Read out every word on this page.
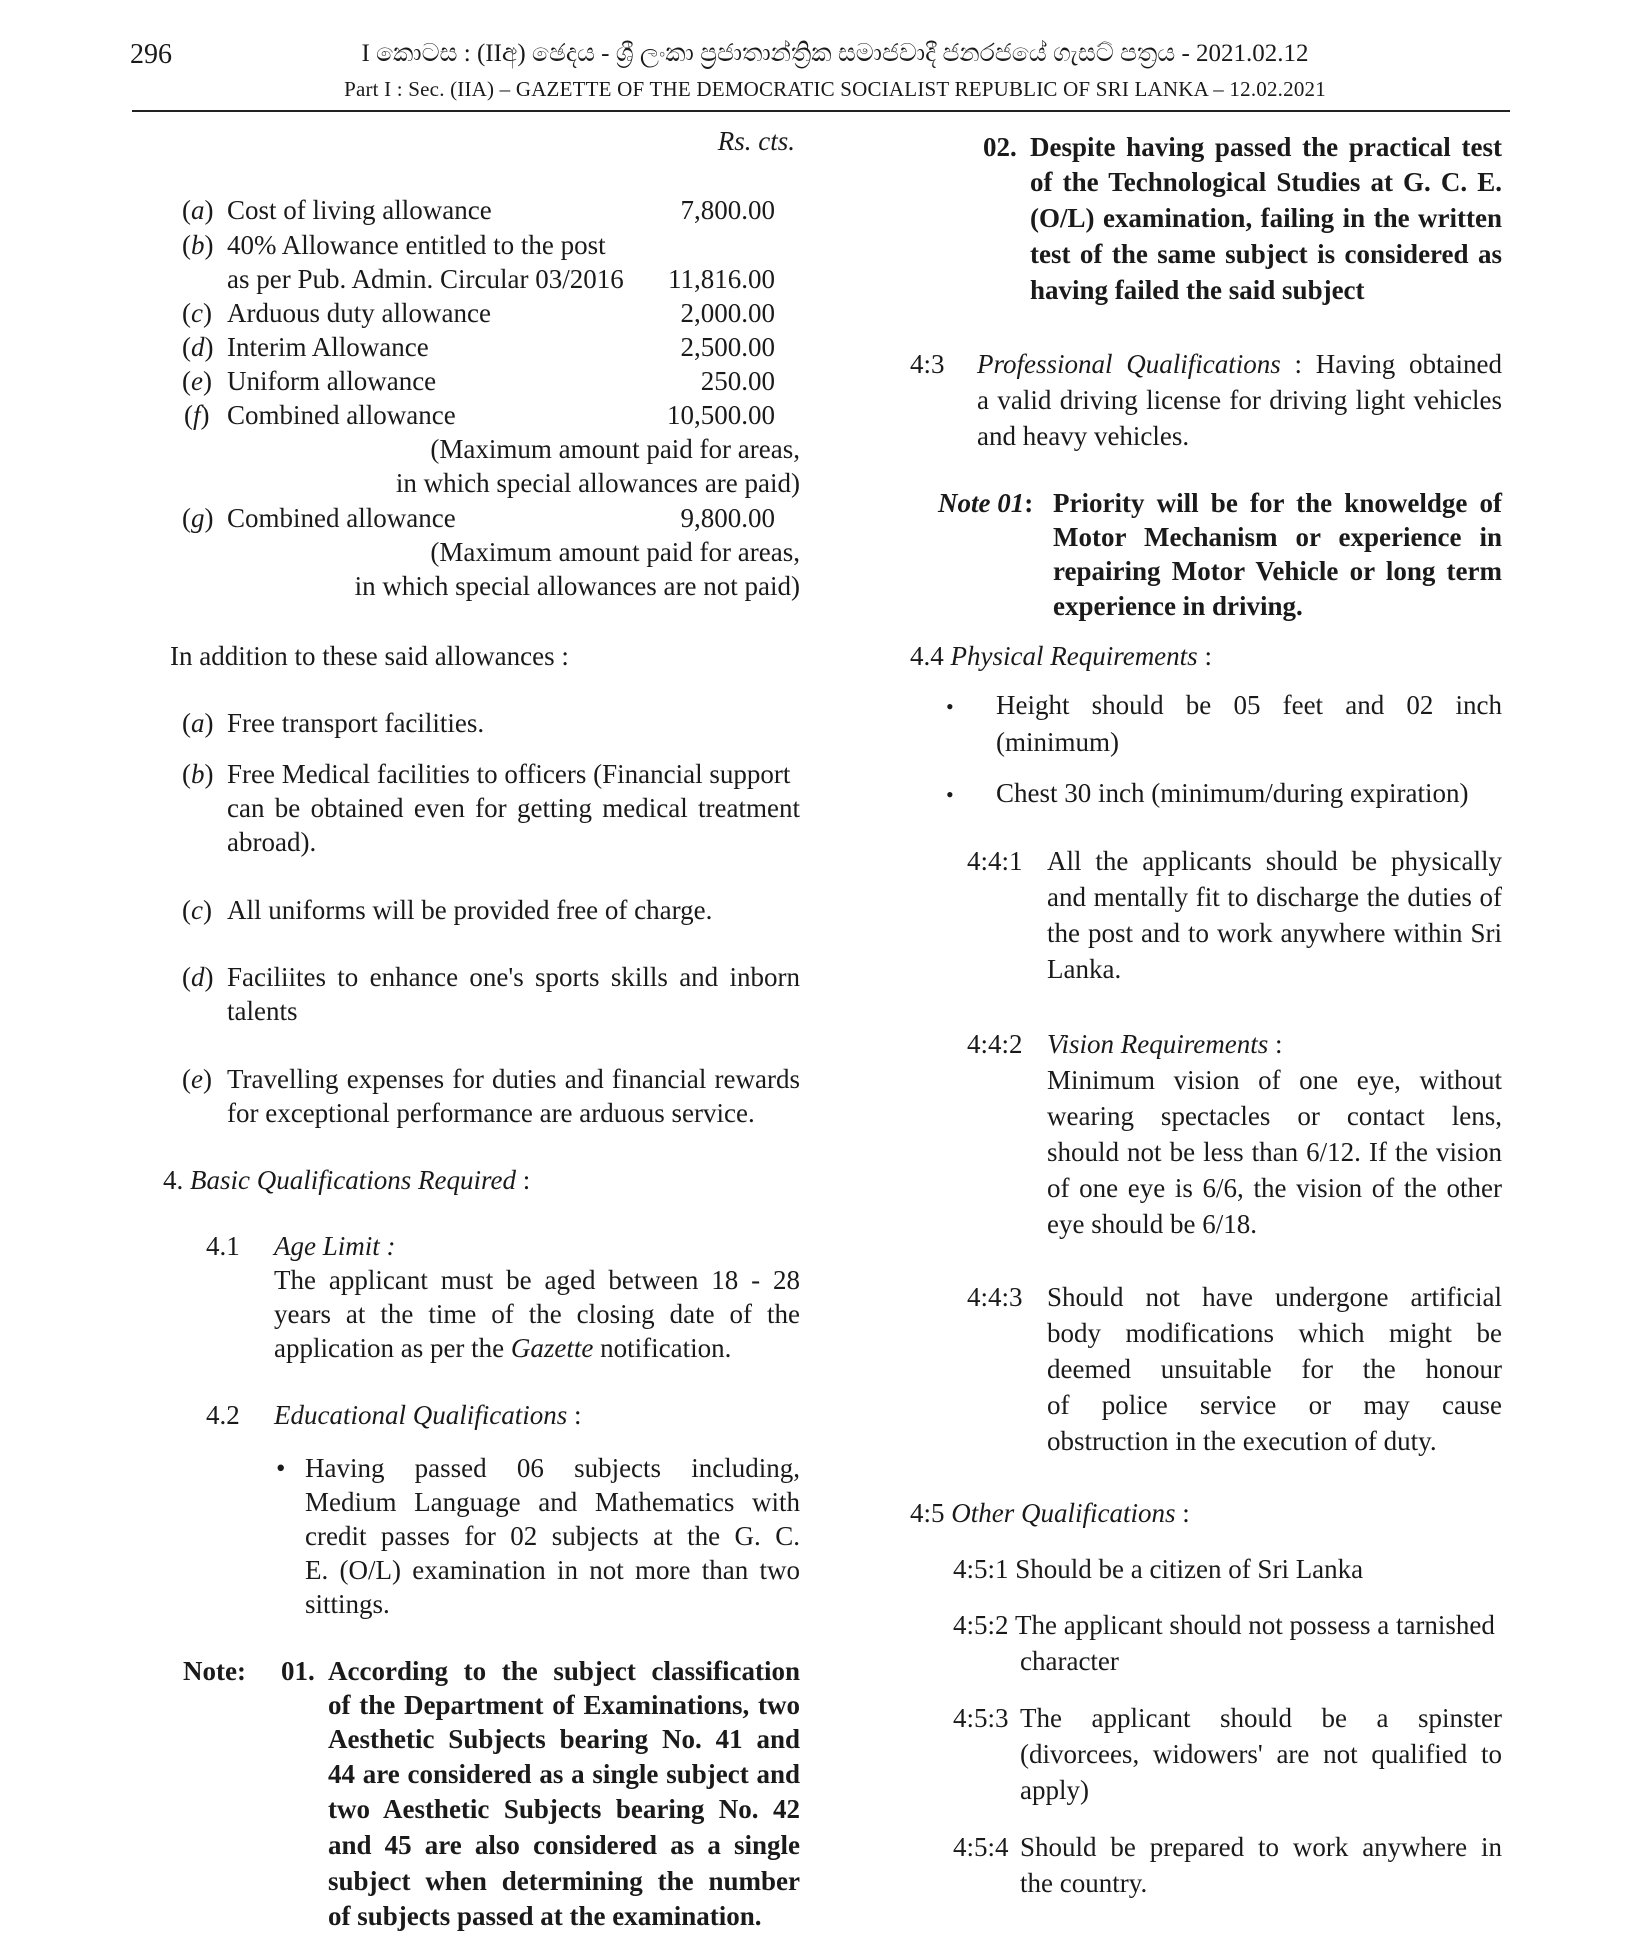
296	I කොටස : (IIඅ) ඡෙදය - ශ්‍රී ලංකා ප්‍රජාතාන්ත්‍රික සමාජවාදී ජනරජයේ ගැසට් පත්‍රය - 2021.02.12
Part I : Sec. (IIA) – GAZETTE OF THE DEMOCRATIC SOCIALIST REPUBLIC OF SRI LANKA – 12.02.2021
Rs. cts.
(a) Cost of living allowance	7,800.00
(b) 40% Allowance entitled to the post
as per Pub. Admin. Circular 03/2016	11,816.00
(c) Arduous duty allowance	2,000.00
(d) Interim Allowance	2,500.00
(e) Uniform allowance	250.00
(f) Combined allowance	10,500.00
(Maximum amount paid for areas,
in which special allowances are paid)
(g) Combined allowance	9,800.00
(Maximum amount paid for areas,
in which special allowances are not paid)
In addition to these said allowances :
(a) Free transport facilities.
(b) Free Medical facilities to officers (Financial support
can be obtained even for getting medical treatment
abroad).
(c) All uniforms will be provided free of charge.
(d) Faciliites to enhance one's sports skills and inborn
talents
(e) Travelling expenses for duties and financial rewards
for exceptional performance are arduous service.
4. Basic Qualifications Required :
4.1 Age Limit :
The applicant must be aged between 18 - 28
years at the time of the closing date of the
application as per the Gazette notification.
4.2 Educational Qualifications :
• Having passed 06 subjects including,
Medium Language and Mathematics with
credit passes for 02 subjects at the G. C.
E. (O/L) examination in not more than two
sittings.
Note: 01. According to the subject classification
of the Department of Examinations, two
Aesthetic Subjects bearing No. 41 and
44 are considered as a single subject and
two Aesthetic Subjects bearing No. 42
and 45 are also considered as a single
subject when determining the number
of subjects passed at the examination.
02. Despite having passed the practical test
of the Technological Studies at G. C. E.
(O/L) examination, failing in the written
test of the same subject is considered as
having failed the said subject
4:3 Professional Qualifications : Having obtained
a valid driving license for driving light vehicles
and heavy vehicles.
Note 01: Priority will be for the knoweldge of
Motor Mechanism or experience in
repairing Motor Vehicle or long term
experience in driving.
4.4 Physical Requirements :
• Height should be 05 feet and 02 inch
(minimum)
• Chest 30 inch (minimum/during expiration)
4:4:1 All the applicants should be physically
and mentally fit to discharge the duties of
the post and to work anywhere within Sri
Lanka.
4:4:2 Vision Requirements :
Minimum vision of one eye, without
wearing spectacles or contact lens,
should not be less than 6/12. If the vision
of one eye is 6/6, the vision of the other
eye should be 6/18.
4:4:3 Should not have undergone artificial
body modifications which might be
deemed unsuitable for the honour
of police service or may cause
obstruction in the execution of duty.
4:5 Other Qualifications :
4:5:1 Should be a citizen of Sri Lanka
4:5:2 The applicant should not possess a tarnished
character
4:5:3 The applicant should be a spinster
(divorcees, widowers' are not qualified to
apply)
4:5:4 Should be prepared to work anywhere in
the country.
